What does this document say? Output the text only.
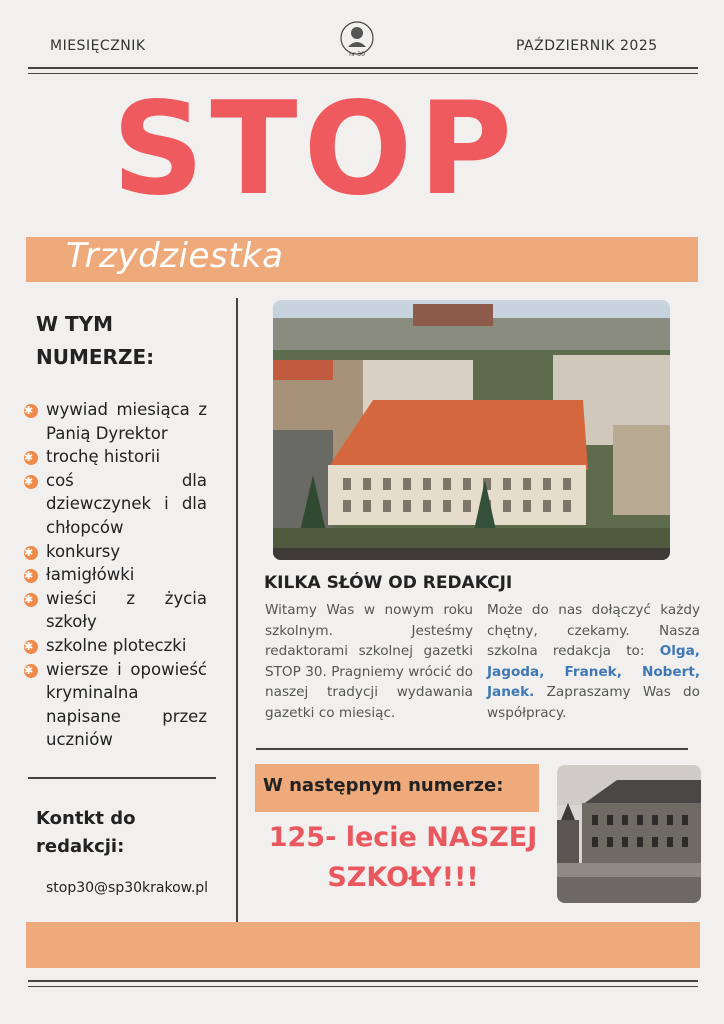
MIESIĘCZNIK
nr 30
PAŹDZIERNIK 2025
STOP
Trzydziestka
W TYM
NUMERZE:
✱ wywiad miesiąca z Panią Dyrektor
✱ trochę historii
✱ coś dla dziewczynek i dla chłopców
✱ konkursy
✱ łamigłówki
✱ wieści z życia szkoły
✱ szkolne ploteczki
✱ wiersze i opowieść kryminalna napisane przez uczniów
Kontkt do
redakcji:
stop30@sp30krakow.pl
KILKA SŁÓW OD REDAKCJI
Witamy Was w nowym roku szkolnym. Jesteśmy redaktorami szkolnej gazetki STOP 30. Pragniemy wrócić do naszej tradycji wydawania gazetki co miesiąc.
Może do nas dołączyć każdy chętny, czekamy. Nasza szkolna redakcja to: Olga, Jagoda, Franek, Nobert, Janek. Zapraszamy Was do współpracy.
W następnym numerze:
125- lecie NASZEJ
SZKOŁY!!!
